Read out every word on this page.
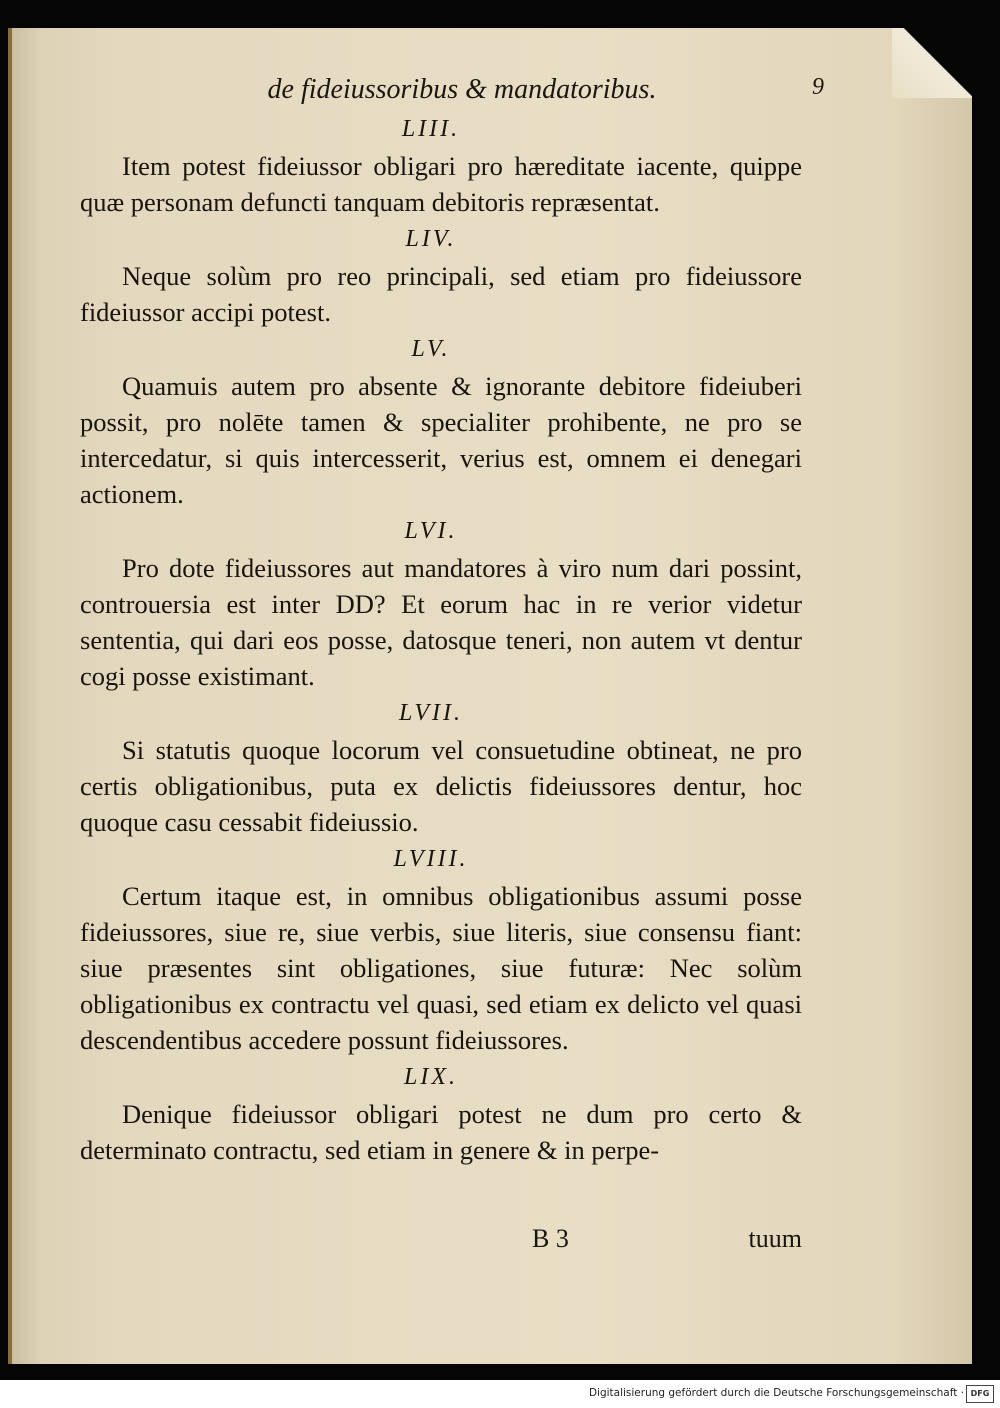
de fideiussoribus & mandatoribus.	9
LIII.

Item potest fideiussor obligari pro hæreditate iacente, quippe quæ personam defuncti tanquam debitoris repræsentat.

LIV.

Neque solùm pro reo principali, sed etiam pro fideiussore fideiussor accipi potest.

LV.

Quamuis autem pro absente & ignorante debitore fideiuberi possit, pro nolēte tamen & specialiter prohibente, ne pro se intercedatur, si quis intercesserit, verius est, omnem ei denegari actionem.

LVI.

Pro dote fideiussores aut mandatores à viro num dari possint, controuersia est inter DD? Et eorum hac in re verior videtur sententia, qui dari eos posse, datosque teneri, non autem vt dentur cogi posse existimant.

LVII.

Si statutis quoque locorum vel consuetudine obtineat, ne pro certis obligationibus, puta ex delictis fideiussores dentur, hoc quoque casu cessabit fideiussio.

LVIII.

Certum itaque est, in omnibus obligationibus assumi posse fideiussores, siue re, siue verbis, siue literis, siue consensu fiant: siue præsentes sint obligationes, siue futuræ: Nec solùm obligationibus ex contractu vel quasi, sed etiam ex delicto vel quasi descendentibus accedere possunt fideiussores.

LIX.

Denique fideiussor obligari potest ne dum pro certo & determinato contractu, sed etiam in genere & in perpe-

B 3	tuum
Digitalisierung gefördert durch die Deutsche Forschungsgemeinschaft · DFG
